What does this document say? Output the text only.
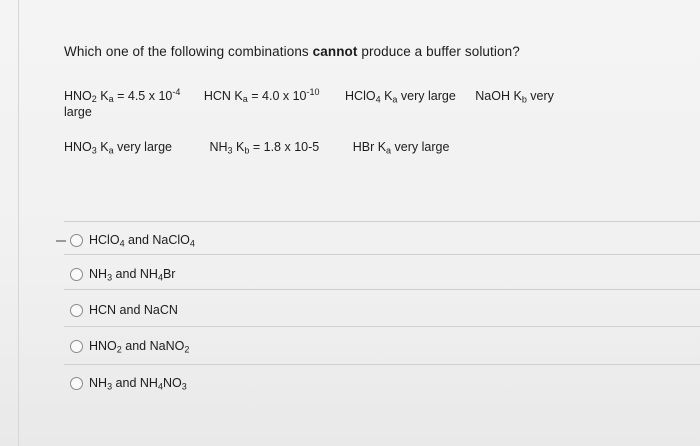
Which one of the following combinations cannot produce a buffer solution?
$HNO_2$ $K_a = 4.5$ x $10^{-4}$ HCN $K_a = 4.0$ x $10^{-10}$ HClO$_4$ $K_a$ very large NaOH $K_b$ very
large
$HNO_3$ $K_a$ very large	$NH_3$ $K_b = 1.8$ x 10-5	HBr $K_a$ very large
HClO$_4$ and NaClO$_4$
$NH_3$ and $NH_4Br$
HCN and NaCN
$HNO_2$ and NaNO$_2$
$NH_3$ and $NH_4NO_3$
